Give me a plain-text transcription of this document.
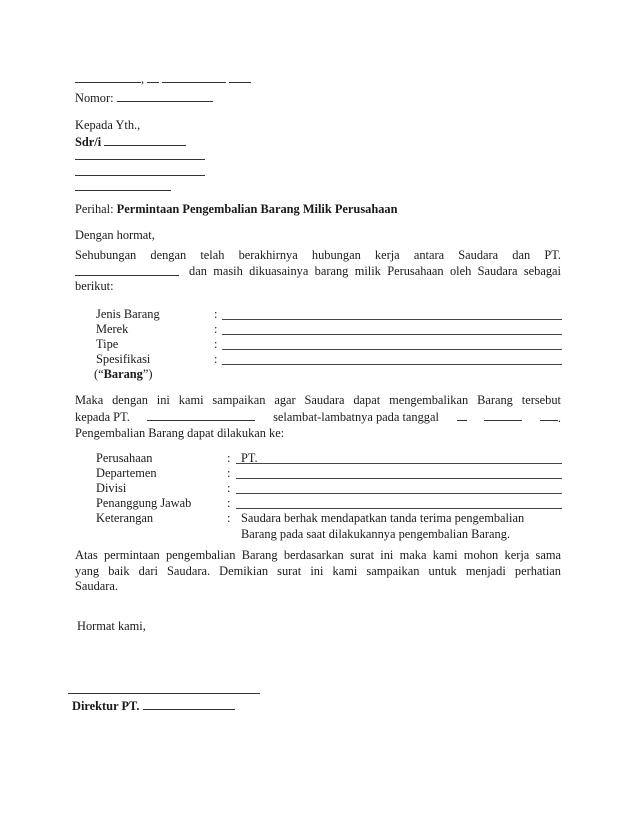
,
Nomor:
Kepada Yth.,
Sdr/i
Perihal: Permintaan Pengembalian Barang Milik Perusahaan
Dengan hormat,
Sehubungan dengan telah berakhirnya hubungan kerja antara Saudara dan PT.
dan masih dikuasainya barang milik Perusahaan oleh Saudara sebagai
berikut:
Jenis Barang	:
Merek	:
Tipe	:
Spesifikasi	:
(“Barang”)
Maka dengan ini kami sampaikan agar Saudara dapat mengembalikan Barang tersebut
kepada PT.	selambat-lambatnya pada tanggal	.
Pengembalian Barang dapat dilakukan ke:
Perusahaan	: PT.
Departemen	:
Divisi	:
Penanggung Jawab	:
Keterangan	: Saudara berhak mendapatkan tanda terima pengembalian
Barang pada saat dilakukannya pengembalian Barang.
Atas permintaan pengembalian Barang berdasarkan surat ini maka kami mohon kerja sama
yang baik dari Saudara. Demikian surat ini kami sampaikan untuk menjadi perhatian
Saudara.
Hormat kami,
Direktur PT.
